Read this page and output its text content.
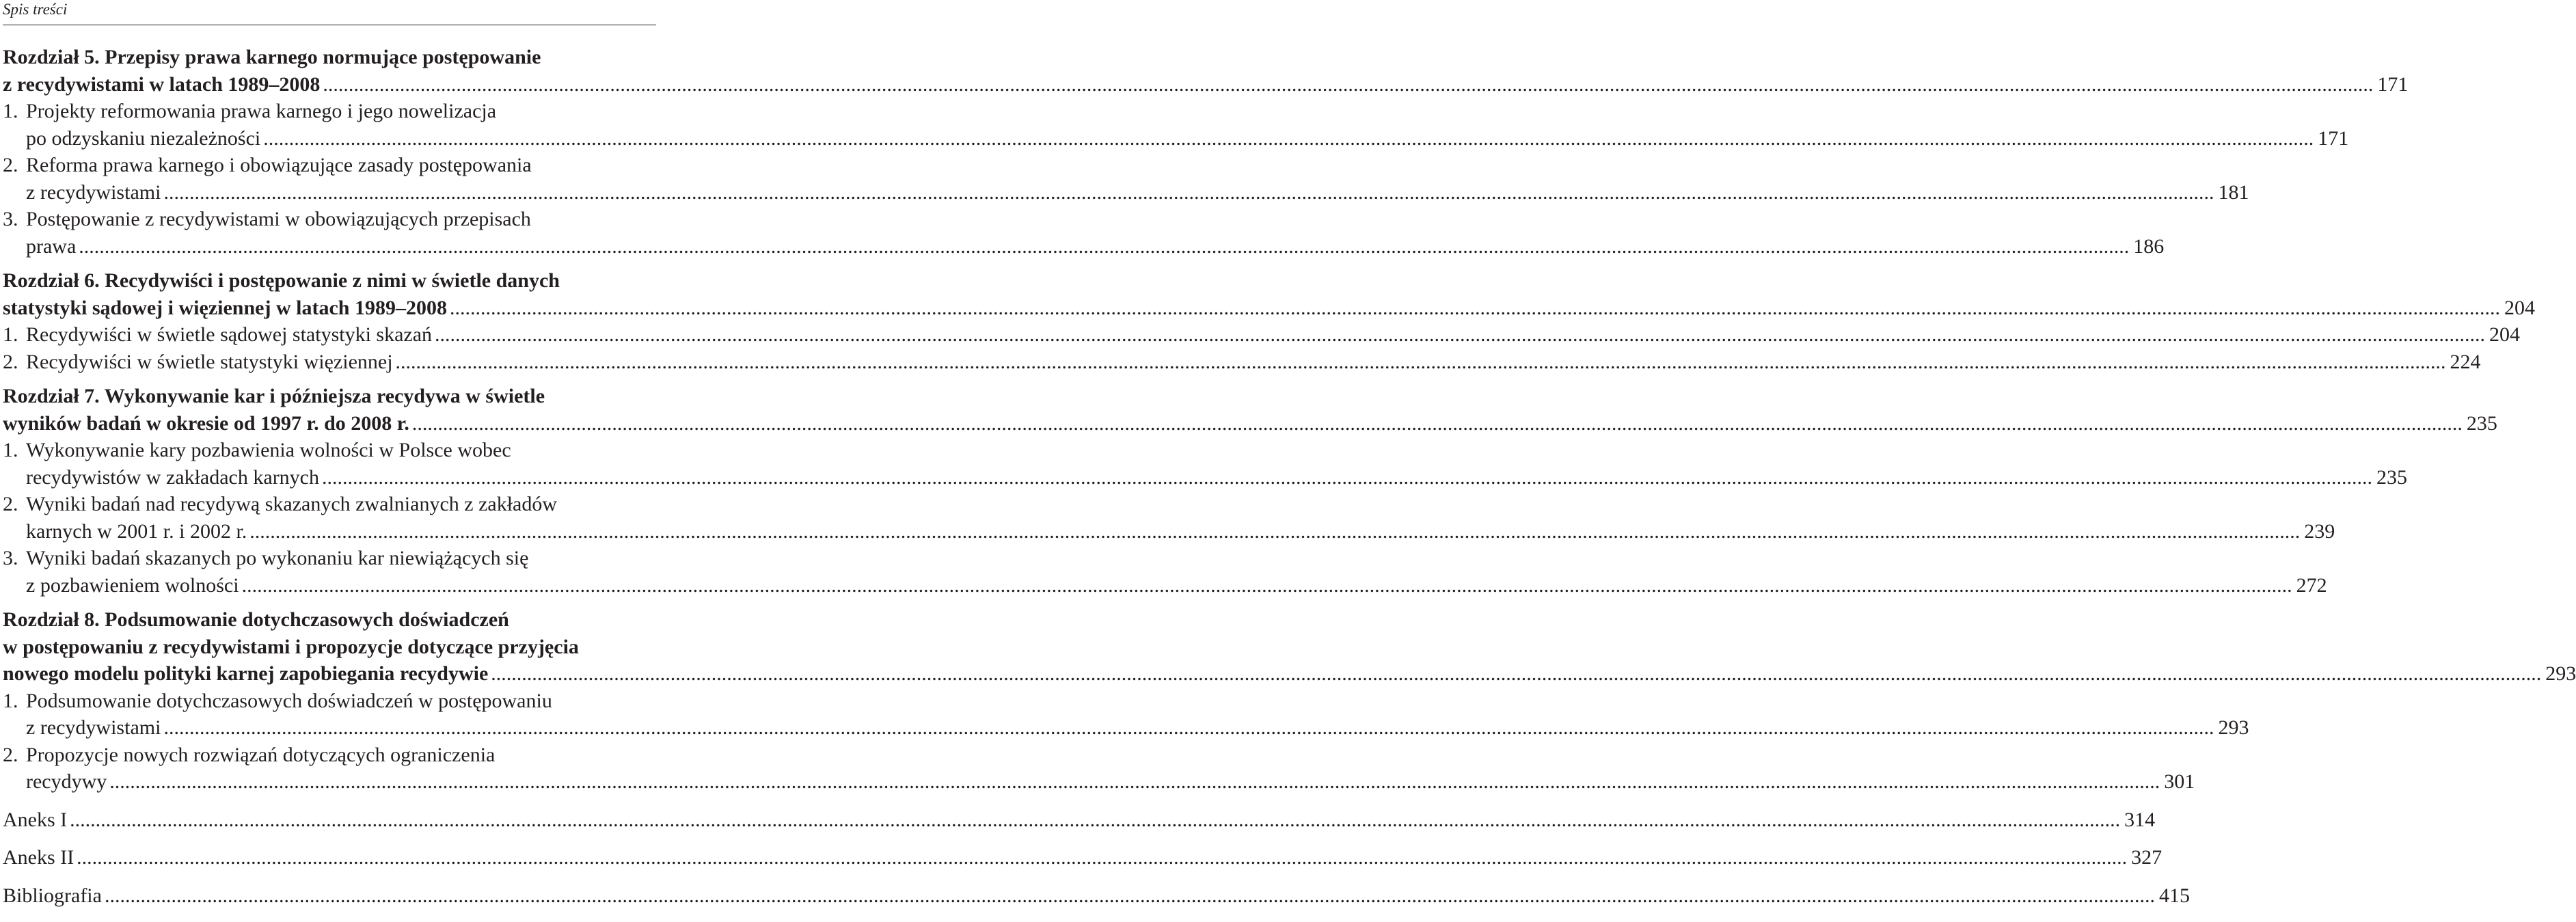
Spis treści
Rozdział 5. Przepisy prawa karnego normujące postępowanie
z recydywistami w latach 1989–2008 ................................................................................................................................................................................................................................................................................................................................................................................................................ 171
1. Projekty reformowania prawa karnego i jego nowelizacja
po odzyskaniu niezależności ................................................................................................................................................................................................................................................................................................................................................................................................................ 171
2. Reforma prawa karnego i obowiązujące zasady postępowania
z recydywistami ................................................................................................................................................................................................................................................................................................................................................................................................................ 181
3. Postępowanie z recydywistami w obowiązujących przepisach
prawa ................................................................................................................................................................................................................................................................................................................................................................................................................ 186
Rozdział 6. Recydywiści i postępowanie z nimi w świetle danych
statystyki sądowej i więziennej w latach 1989–2008 ................................................................................................................................................................................................................................................................................................................................................................................................................ 204
1. Recydywiści w świetle sądowej statystyki skazań ................................................................................................................................................................................................................................................................................................................................................................................................................ 204
2. Recydywiści w świetle statystyki więziennej ................................................................................................................................................................................................................................................................................................................................................................................................................ 224
Rozdział 7. Wykonywanie kar i późniejsza recydywa w świetle
wyników badań w okresie od 1997 r. do 2008 r. ................................................................................................................................................................................................................................................................................................................................................................................................................ 235
1. Wykonywanie kary pozbawienia wolności w Polsce wobec
recydywistów w zakładach karnych ................................................................................................................................................................................................................................................................................................................................................................................................................ 235
2. Wyniki badań nad recydywą skazanych zwalnianych z zakładów
karnych w 2001 r. i 2002 r. ................................................................................................................................................................................................................................................................................................................................................................................................................ 239
3. Wyniki badań skazanych po wykonaniu kar niewiążących się
z pozbawieniem wolności ................................................................................................................................................................................................................................................................................................................................................................................................................ 272
Rozdział 8. Podsumowanie dotychczasowych doświadczeń
w postępowaniu z recydywistami i propozycje dotyczące przyjęcia
nowego modelu polityki karnej zapobiegania recydywie ................................................................................................................................................................................................................................................................................................................................................................................................................ 293
1. Podsumowanie dotychczasowych doświadczeń w postępowaniu
z recydywistami ................................................................................................................................................................................................................................................................................................................................................................................................................ 293
2. Propozycje nowych rozwiązań dotyczących ograniczenia
recydywy ................................................................................................................................................................................................................................................................................................................................................................................................................ 301
Aneks I ................................................................................................................................................................................................................................................................................................................................................................................................................ 314
Aneks II ................................................................................................................................................................................................................................................................................................................................................................................................................ 327
Bibliografia ................................................................................................................................................................................................................................................................................................................................................................................................................ 415
